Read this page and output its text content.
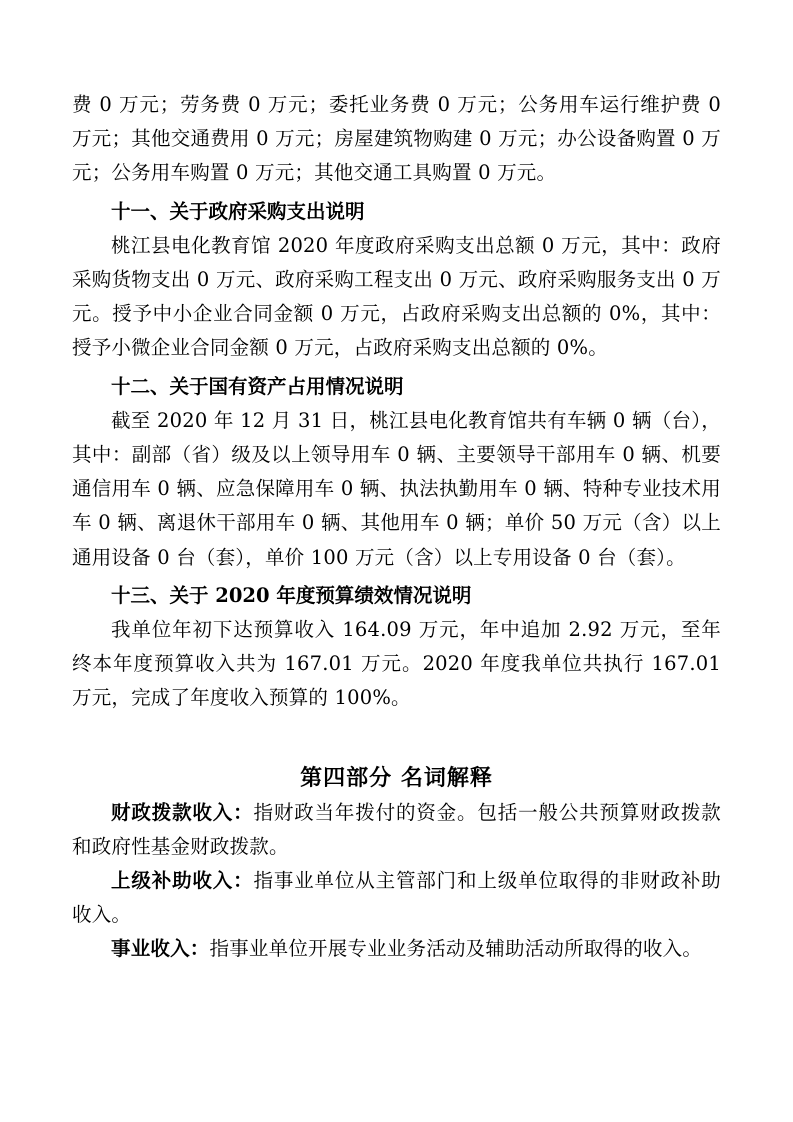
费 0 万元；劳务费 0 万元；委托业务费 0 万元；公务用车运行维护费 0 万元；其他交通费用 0 万元；房屋建筑物购建 0 万元；办公设备购置 0 万元；公务用车购置 0 万元；其他交通工具购置 0 万元。

十一、关于政府采购支出说明

桃江县电化教育馆 2020 年度政府采购支出总额 0 万元，其中：政府采购货物支出 0 万元、政府采购工程支出 0 万元、政府采购服务支出 0 万元。授予中小企业合同金额 0 万元，占政府采购支出总额的 0%，其中：授予小微企业合同金额 0 万元，占政府采购支出总额的 0%。

十二、关于国有资产占用情况说明

截至 2020 年 12 月 31 日，桃江县电化教育馆共有车辆 0 辆（台），其中：副部（省）级及以上领导用车 0 辆、主要领导干部用车 0 辆、机要通信用车 0 辆、应急保障用车 0 辆、执法执勤用车 0 辆、特种专业技术用车 0 辆、离退休干部用车 0 辆、其他用车 0 辆；单价 50 万元（含）以上通用设备 0 台（套），单价 100 万元（含）以上专用设备 0 台（套）。

十三、关于 2020 年度预算绩效情况说明

我单位年初下达预算收入 164.09 万元，年中追加 2.92 万元，至年终本年度预算收入共为 167.01 万元。2020 年度我单位共执行 167.01 万元，完成了年度收入预算的 100%。

第四部分 名词解释

财政拨款收入：指财政当年拨付的资金。包括一般公共预算财政拨款和政府性基金财政拨款。

上级补助收入：指事业单位从主管部门和上级单位取得的非财政补助收入。

事业收入：指事业单位开展专业业务活动及辅助活动所取得的收入。
